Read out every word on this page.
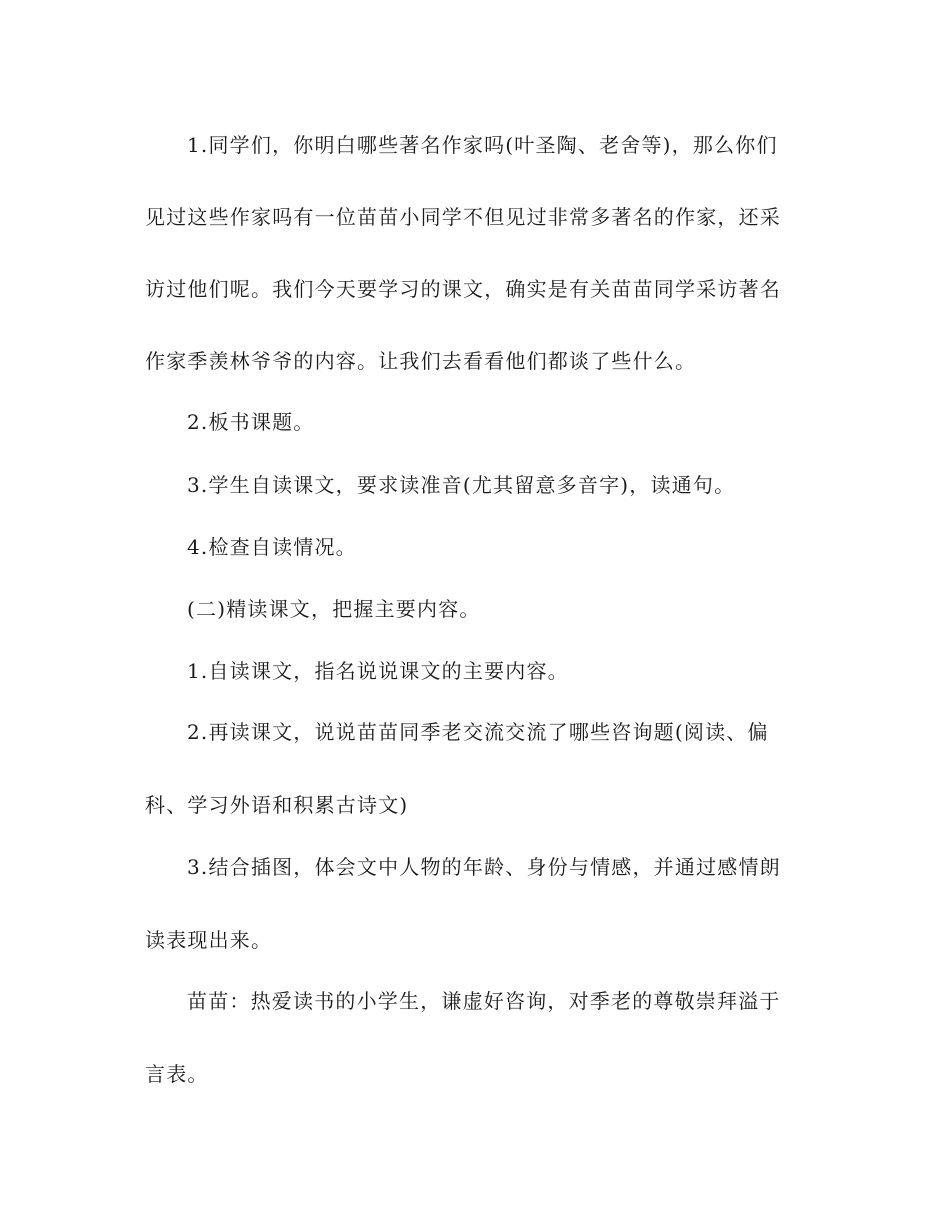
1.同学们，你明白哪些著名作家吗(叶圣陶、老舍等)，那么你们
见过这些作家吗有一位苗苗小同学不但见过非常多著名的作家，还采
访过他们呢。我们今天要学习的课文，确实是有关苗苗同学采访著名
作家季羡林爷爷的内容。让我们去看看他们都谈了些什么。
2.板书课题。
3.学生自读课文，要求读准音(尤其留意多音字)，读通句。
4.检查自读情况。
(二)精读课文，把握主要内容。
1.自读课文，指名说说课文的主要内容。
2.再读课文，说说苗苗同季老交流交流了哪些咨询题(阅读、偏
科、学习外语和积累古诗文)
3.结合插图，体会文中人物的年龄、身份与情感，并通过感情朗
读表现出来。
苗苗：热爱读书的小学生，谦虚好咨询，对季老的尊敬崇拜溢于
言表。
